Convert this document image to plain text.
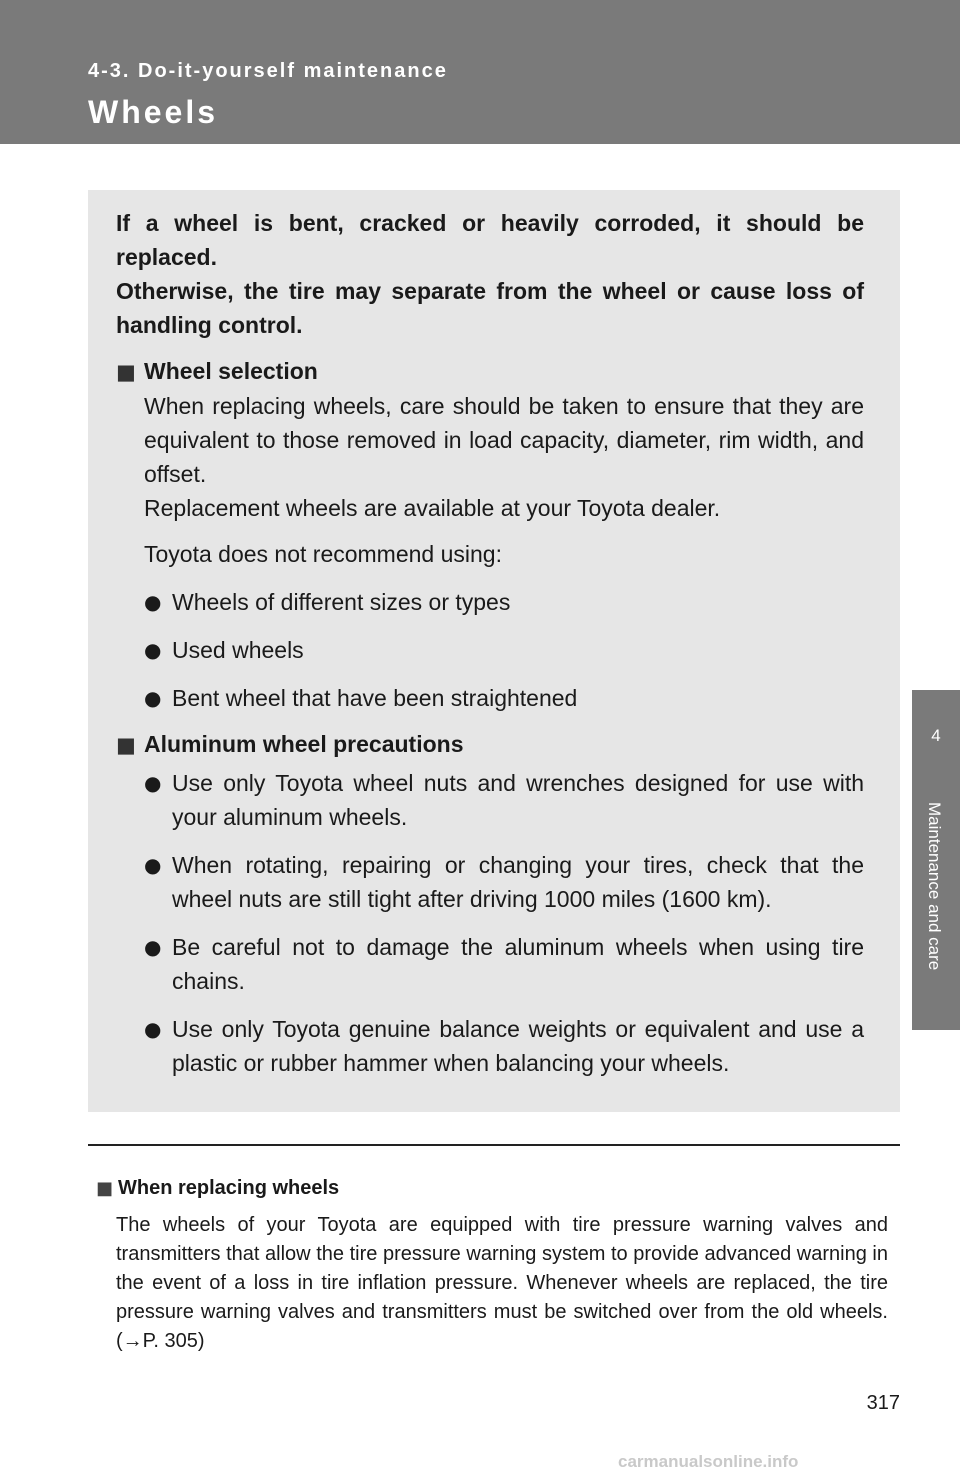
4-3. Do-it-yourself maintenance
Wheels
4
Maintenance and care

If a wheel is bent, cracked or heavily corroded, it should be replaced.
Otherwise, the tire may separate from the wheel or cause loss of handling control.

■ Wheel selection

When replacing wheels, care should be taken to ensure that they are equivalent to those removed in load capacity, diameter, rim width, and offset.
Replacement wheels are available at your Toyota dealer.

Toyota does not recommend using:

● Wheels of different sizes or types
● Used wheels
● Bent wheel that have been straightened
■ Aluminum wheel precautions
● Use only Toyota wheel nuts and wrenches designed for use with your aluminum wheels.
● When rotating, repairing or changing your tires, check that the wheel nuts are still tight after driving 1000 miles (1600 km).
● Be careful not to damage the aluminum wheels when using tire chains.
● Use only Toyota genuine balance weights or equivalent and use a plastic or rubber hammer when balancing your wheels.
■ When replacing wheels
The wheels of your Toyota are equipped with tire pressure warning valves and transmitters that allow the tire pressure warning system to provide advanced warning in the event of a loss in tire inflation pressure. Whenever wheels are replaced, the tire pressure warning valves and transmitters must be switched over from the old wheels. (→P. 305)
317
carmanualsonline.info
